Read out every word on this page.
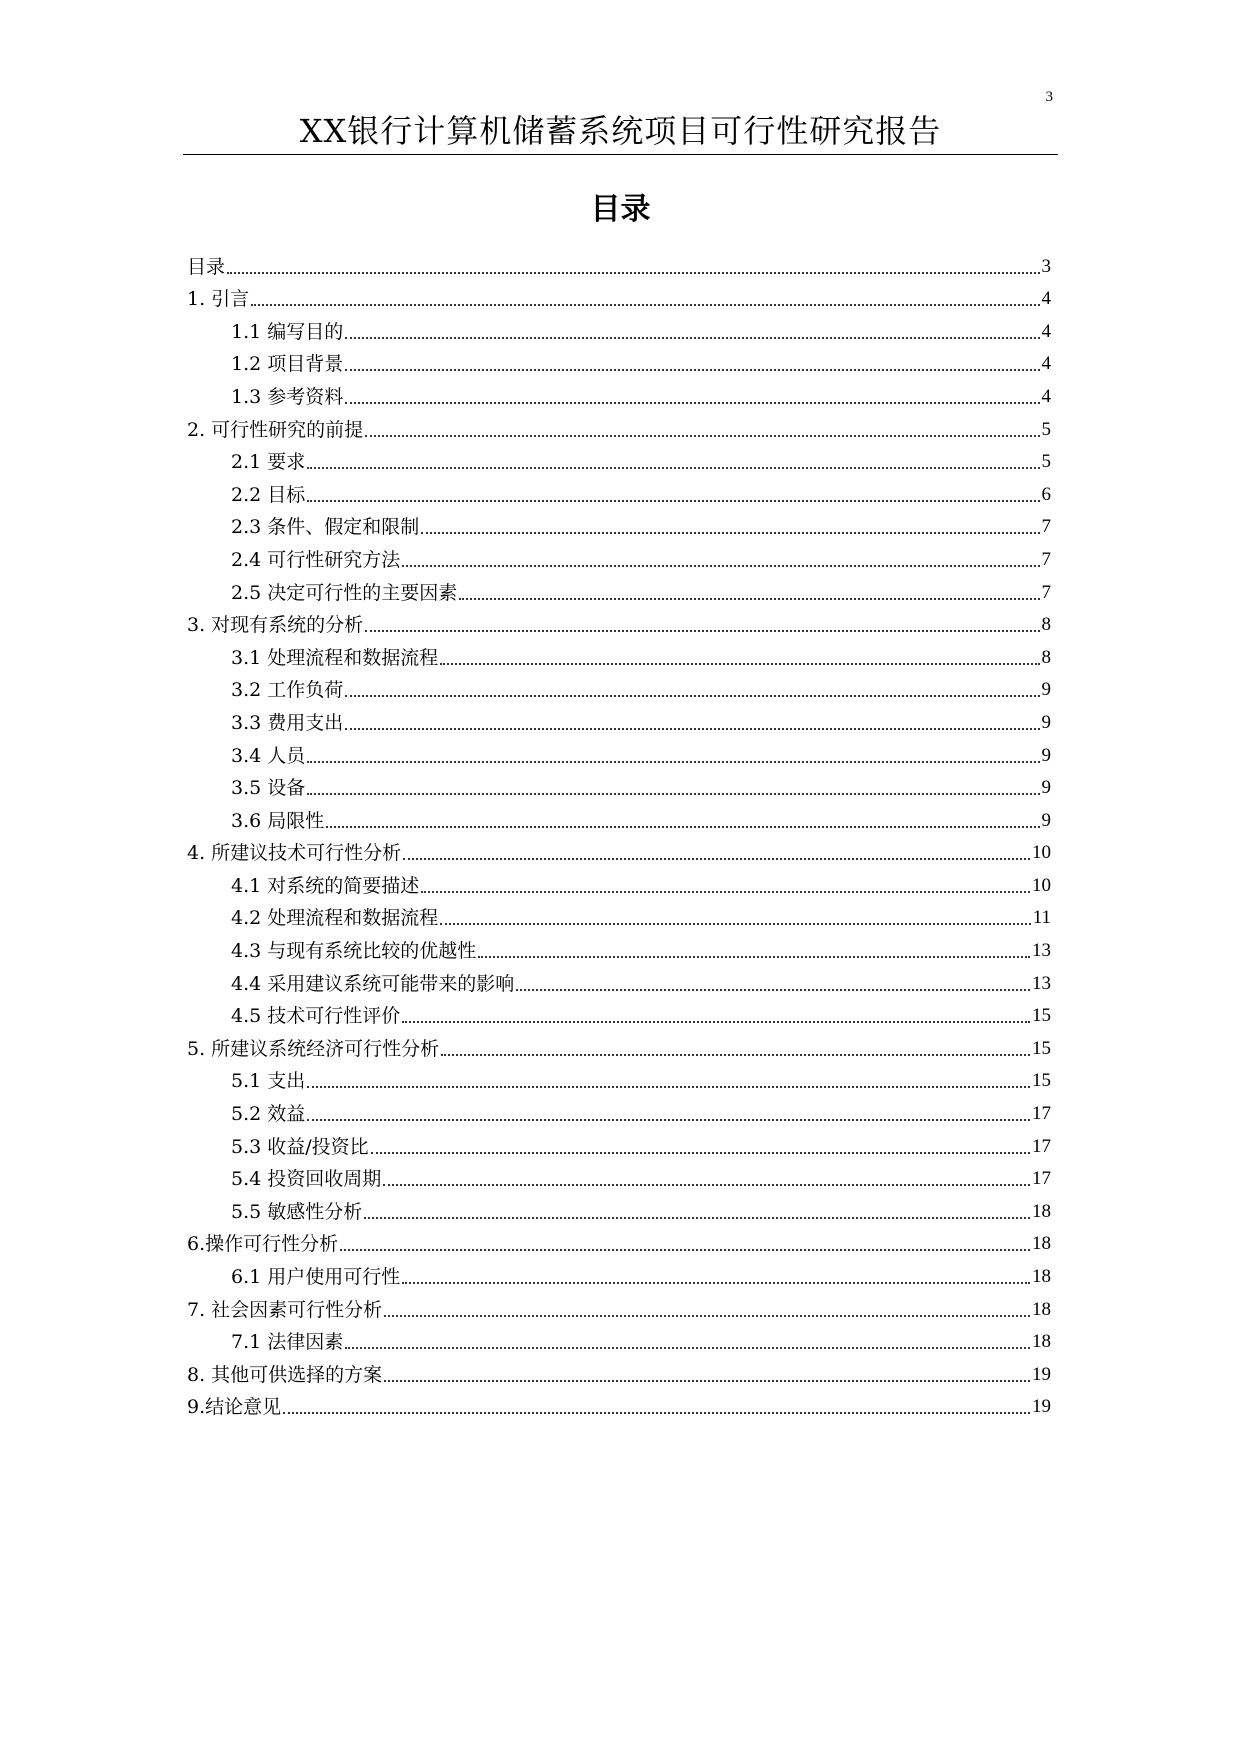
3
XX银行计算机储蓄系统项目可行性研究报告
目录
目录	3
1. 引言	4
1.1 编写目的	4
1.2 项目背景	4
1.3 参考资料	4
2. 可行性研究的前提	5
2.1 要求	5
2.2 目标	6
2.3 条件、假定和限制	7
2.4 可行性研究方法	7
2.5 决定可行性的主要因素	7
3. 对现有系统的分析	8
3.1 处理流程和数据流程	8
3.2 工作负荷	9
3.3 费用支出	9
3.4 人员	9
3.5 设备	9
3.6 局限性	9
4. 所建议技术可行性分析	10
4.1 对系统的简要描述	10
4.2 处理流程和数据流程	11
4.3 与现有系统比较的优越性	13
4.4 采用建议系统可能带来的影响	13
4.5 技术可行性评价	15
5. 所建议系统经济可行性分析	15
5.1 支出	15
5.2 效益	17
5.3 收益/投资比	17
5.4 投资回收周期	17
5.5 敏感性分析	18
6.操作可行性分析	18
6.1 用户使用可行性	18
7. 社会因素可行性分析	18
7.1 法律因素	18
8. 其他可供选择的方案	19
9.结论意见	19
